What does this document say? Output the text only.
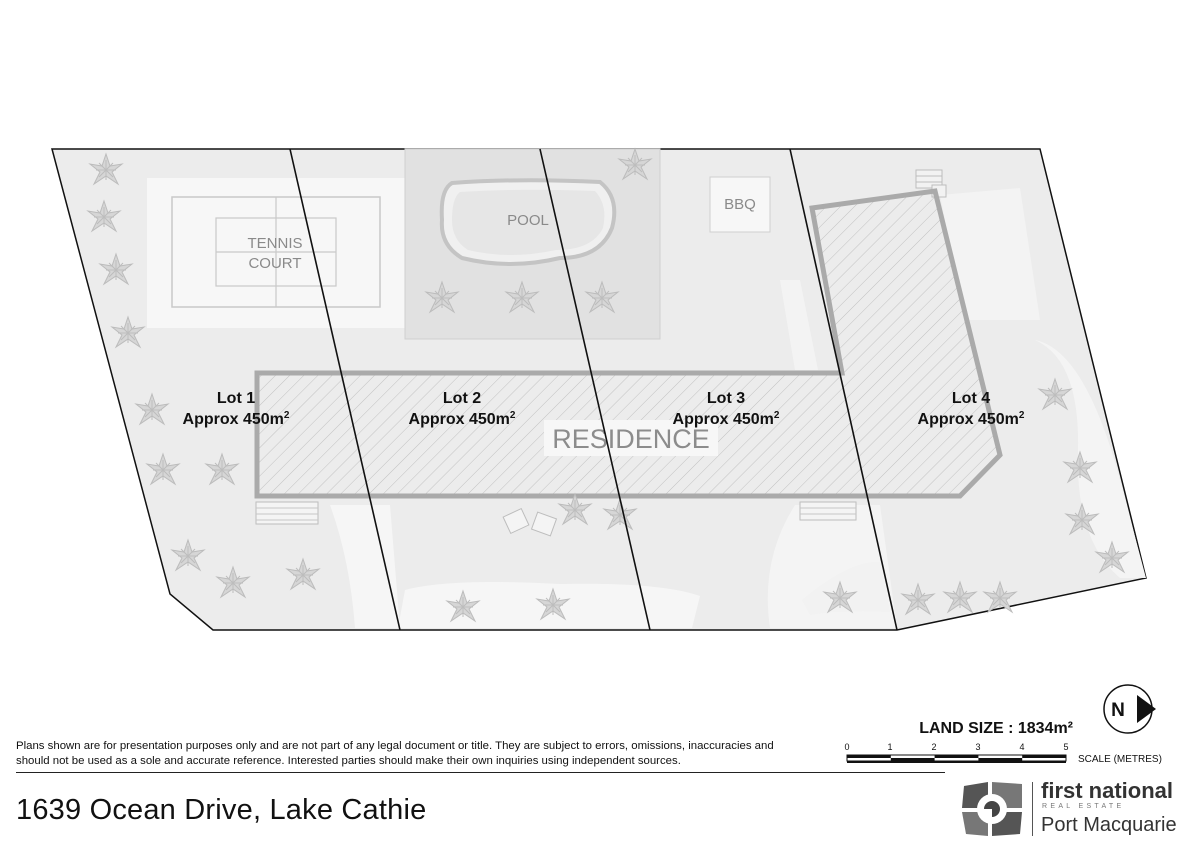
TENNIS
COURT
POOL
BBQ
RESIDENCE
Lot 1
Approx $450m^2$
Lot 2
Approx $450m^2$
Lot 3
Approx $450m^2$
Lot 4
Approx $450m^2$
N
LAND SIZE : 1834m²
0	1	2	3	4	5
SCALE (METRES)
Plans shown are for presentation purposes only and are not part of any legal document or title. They are subject to errors, omissions, inaccuracies and
should not be used as a sole and accurate reference. Interested parties should make their own inquiries using independent sources.
1639 Ocean Drive, Lake Cathie
first national
REAL ESTATE
Port Macquarie
